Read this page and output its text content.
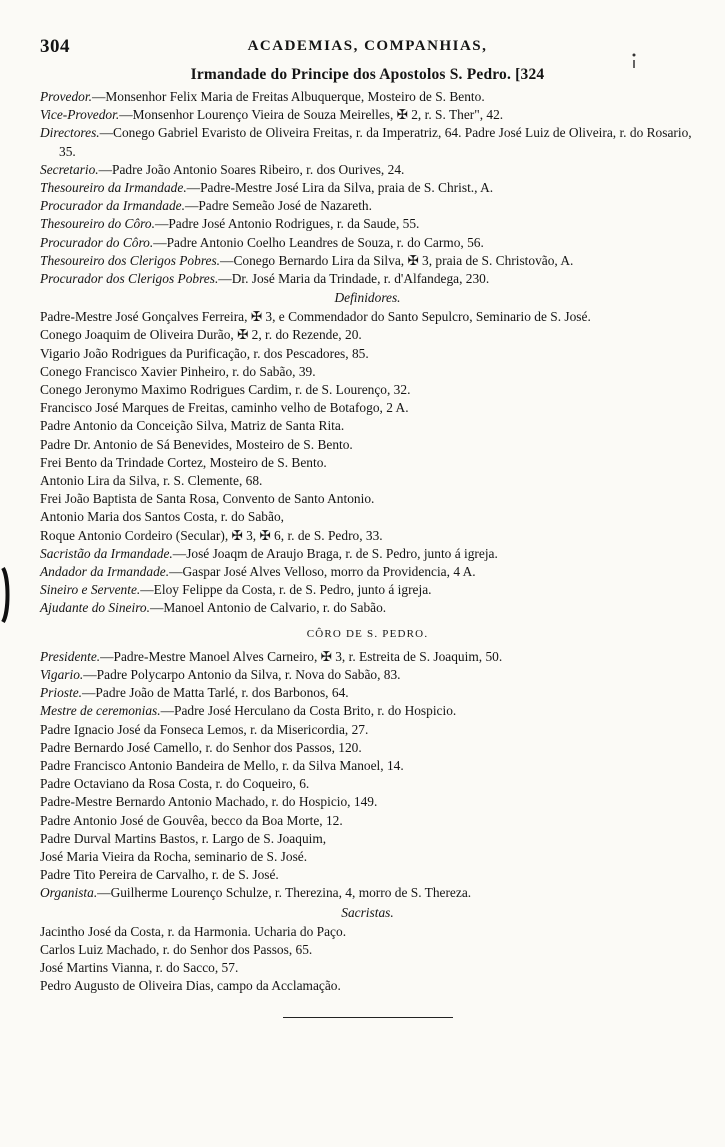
304	ACADEMIAS, COMPANHIAS,
Irmandade do Principe dos Apostolos S. Pedro. [324
Provedor.—Monsenhor Felix Maria de Freitas Albuquerque, Mosteiro de S. Bento.
Vice-Provedor.—Monsenhor Lourenço Vieira de Souza Meirelles, ✠ 2, r. S. Ther", 42.
Directores.—Conego Gabriel Evaristo de Oliveira Freitas, r. da Imperatriz, 64. Padre José Luiz de Oliveira, r. do Rosario, 35.
Secretario.—Padre João Antonio Soares Ribeiro, r. dos Ourives, 24.
Thesoureiro da Irmandade.—Padre-Mestre José Lira da Silva, praia de S. Christ., A.
Procurador da Irmandade.—Padre Semeão José de Nazareth.
Thesoureiro do Côro.—Padre José Antonio Rodrigues, r. da Saude, 55.
Procurador do Côro.—Padre Antonio Coelho Leandres de Souza, r. do Carmo, 56.
Thesoureiro dos Clerigos Pobres.—Conego Bernardo Lira da Silva, ✠ 3, praia de S. Christovão, A.
Procurador dos Clerigos Pobres.—Dr. José Maria da Trindade, r. d'Alfandega, 230.
Definidores.
Padre-Mestre José Gonçalves Ferreira, ✠ 3, e Commendador do Santo Sepulcro, Seminario de S. José.
Conego Joaquim de Oliveira Durão, ✠ 2, r. do Rezende, 20.
Vigario João Rodrigues da Purificação, r. dos Pescadores, 85.
Conego Francisco Xavier Pinheiro, r. do Sabão, 39.
Conego Jeronymo Maximo Rodrigues Cardim, r. de S. Lourenço, 32.
Francisco José Marques de Freitas, caminho velho de Botafogo, 2 A.
Padre Antonio da Conceição Silva, Matriz de Santa Rita.
Padre Dr. Antonio de Sá Benevides, Mosteiro de S. Bento.
Frei Bento da Trindade Cortez, Mosteiro de S. Bento.
Antonio Lira da Silva, r. S. Clemente, 68.
Frei João Baptista de Santa Rosa, Convento de Santo Antonio.
Antonio Maria dos Santos Costa, r. do Sabão,
Roque Antonio Cordeiro (Secular), ✠ 3, ✠ 6, r. de S. Pedro, 33.
Sacristão da Irmandade.—José Joaqm de Araujo Braga, r. de S. Pedro, junto á igreja.
Andador da Irmandade.—Gaspar José Alves Velloso, morro da Providencia, 4 A.
Sineiro e Servente.—Eloy Felippe da Costa, r. de S. Pedro, junto á igreja.
Ajudante do Sineiro.—Manoel Antonio de Calvario, r. do Sabão.
CÔRO DE S. PEDRO.
Presidente.—Padre-Mestre Manoel Alves Carneiro, ✠ 3, r. Estreita de S. Joaquim, 50.
Vigario.—Padre Polycarpo Antonio da Silva, r. Nova do Sabão, 83.
Prioste.—Padre João de Matta Tarlé, r. dos Barbonos, 64.
Mestre de ceremonias.—Padre José Herculano da Costa Brito, r. do Hospicio.
Padre Ignacio José da Fonseca Lemos, r. da Misericordia, 27.
Padre Bernardo José Camello, r. do Senhor dos Passos, 120.
Padre Francisco Antonio Bandeira de Mello, r. da Silva Manoel, 14.
Padre Octaviano da Rosa Costa, r. do Coqueiro, 6.
Padre-Mestre Bernardo Antonio Machado, r. do Hospicio, 149.
Padre Antonio José de Gouvêa, becco da Boa Morte, 12.
Padre Durval Martins Bastos, r. Largo de S. Joaquim,
José Maria Vieira da Rocha, seminario de S. José.
Padre Tito Pereira de Carvalho, r. de S. José.
Organista.—Guilherme Lourenço Schulze, r. Therezina, 4, morro de S. Thereza.
Sacristas.
Jacintho José da Costa, r. da Harmonia. Ucharia do Paço.
Carlos Luiz Machado, r. do Senhor dos Passos, 65.
José Martins Vianna, r. do Sacco, 57.
Pedro Augusto de Oliveira Dias, campo da Acclamação.
